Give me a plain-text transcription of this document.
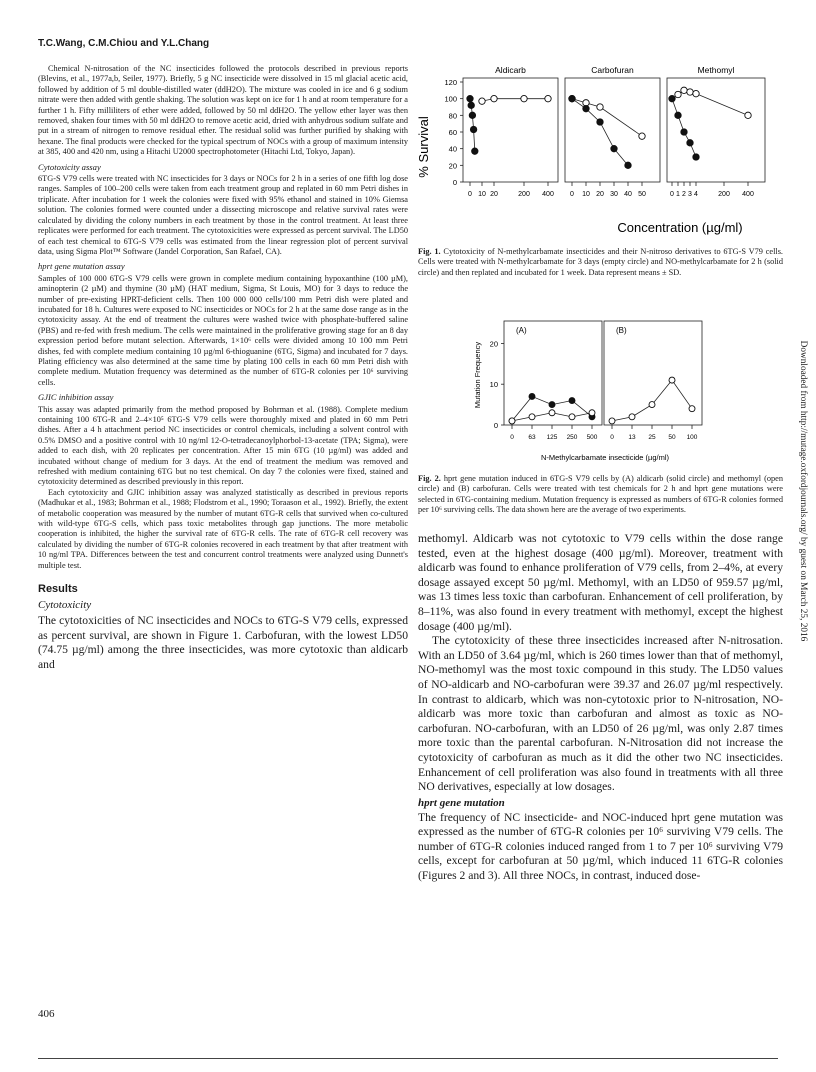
T.C.Wang, C.M.Chiou and Y.L.Chang

Chemical N-nitrosation of the NC insecticides followed the protocols described in previous reports (Blevins, et al., 1977a,b, Seiler, 1977). Briefly, 5 g NC insecticide were dissolved in 15 ml glacial acetic acid, followed by addition of 5 ml double-distilled water (ddH2O). The mixture was cooled in ice and 6 g sodium nitrate were then added with gentle shaking. The solution was kept on ice for 1 h and at room temperature for a further 1 h. Fifty milliliters of ether were added, followed by 50 ml ddH2O. The yellow ether layer was then removed, shaken four times with 50 ml ddH2O to remove acetic acid, dried with anhydrous sodium sulfate and put in a stream of nitrogen to remove residual ether. The residual solid was further purified by shaking with hexane. The final products were checked for the typical spectrum of NOCs with a group of maximum intensity at 385, 400 and 420 nm, using a Hitachi U2000 spectrophotometer (Hitachi Ltd, Tokyo, Japan).

Cytotoxicity assay

6TG-S V79 cells were treated with NC insecticides for 3 days or NOCs for 2 h in a series of one fifth log dose ranges. Samples of 100–200 cells were taken from each treatment group and replated in 60 mm Petri dishes in triplicate. After incubation for 1 week the colonies were fixed with 95% ethanol and stained in 10% Giemsa solution. The colonies formed were counted under a dissecting microscope and relative survival rates were calculated by dividing the colony numbers in each treatment by those in the control treatment. At least three replicates were performed for each treatment. The cytotoxicities were expressed as percent survival. The LD50 of each test chemical to 6TG-S V79 cells was estimated from the linear regression plot of percent survival data, using Sigma Plot™ Software (Jandel Corporation, San Rafael, CA).

hprt gene mutation assay

Samples of 100 000 6TG-S V79 cells were grown in complete medium containing hypoxanthine (100 µM), aminopterin (2 µM) and thymine (30 µM) (HAT medium, Sigma, St Louis, MO) for 3 days to reduce the number of pre-existing HPRT-deficient cells. Then 100 000 000 cells/100 mm Petri dish were plated and incubated for 18 h. Cultures were exposed to NC insecticides or NOCs for 2 h at the same dose range as in the cytotoxicity assay. At the end of treatment the cultures were washed twice with phosphate-buffered saline (PBS) and re-fed with fresh medium. The cells were maintained in the proliferative growing stage for an 8 day expression period before mutant selection. Afterwards, 1×10⁶ cells were divided among 10 100 mm Petri dishes, fed with complete medium containing 10 µg/ml 6-thioguanine (6TG, Sigma) and incubated for 7 days. Plating efficiency was also determined at the same time by plating 100 cells in each 60 mm Petri dish with complete medium. Mutation frequency was determined as the number of 6TG-R colonies per 10⁶ surviving cells.

GJIC inhibition assay

This assay was adapted primarily from the method proposed by Bohrman et al. (1988). Complete medium containing 100 6TG-R and 2–4×10⁵ 6TG-S V79 cells were thoroughly mixed and plated in 60 mm Petri dishes. After a 4 h attachment period NC insecticides or control chemicals, including a solvent control with 0.5% DMSO and a positive control with 10 ng/ml 12-O-tetradecanoylphorbol-13-acetate (TPA; Sigma), were added to each dish, with 20 replicates per concentration. After 15 min 6TG (10 µg/ml) was added and incubated without change of medium for 3 days. At the end of treatment the medium was removed and refreshed with medium containing 6TG but no test chemical. On day 7 the colonies were fixed, stained and cytotoxicity determined as described previously in this report.

Each cytotoxicity and GJIC inhibition assay was analyzed statistically as described in previous reports (Madhukar et al., 1983; Bohrman et al., 1988; Flodstrom et al., 1990; Toraason et al., 1992). Briefly, the extent of metabolic cooperation was measured by the number of mutant 6TG-R cells that survived when co-cultured with wild-type 6TG-S cells, which pass toxic metabolites through gap junctions. The more metabolic cooperation is inhibited, the higher the survival rate of 6TG-R cells. The rate of 6TG-R cell recovery was calculated by dividing the number of 6TG-R colonies recovered in each treatment by that after treatment with 10 ng/ml TPA. Differences between the test and concurrent control treatments were analyzed using Dunnett's multiple test.

Results
Cytotoxicity

The cytotoxicities of NC insecticides and NOCs to 6TG-S V79 cells, expressed as percent survival, are shown in Figure 1. Carbofuran, with the lowest LD50 (74.75 µg/ml) among the three insecticides, was more cytotoxic than aldicarb and

% Survival
120
100
80
60
40
20
0
Aldicarb
0 10 20	200 400
Carbofuran
0 10 20 30 40 50
Methomyl
0 1 2 3 4	200 400
Concentration (µg/ml)
Fig. 1. Cytotoxicity of N-methylcarbamate insecticides and their N-nitroso derivatives to 6TG-S V79 cells. Cells were treated with N-methylcarbamate for 3 days (empty circle) and NO-methylcarbamate for 2 h (solid circle) and then replated and incubated for 1 week. Data represent means ± SD.
Mutation Frequency 20
10
0
(A)
0 63 125 250 500
(B)
0 13 25 50 100
N-Methylcarbamate insecticide (µg/ml)
Fig. 2. hprt gene mutation induced in 6TG-S V79 cells by (A) aldicarb (solid circle) and methomyl (open circle) and (B) carbofuran. Cells were treated with test chemicals for 2 h and hprt gene mutations were selected in 6TG-containing medium. Mutation frequency is expressed as numbers of 6TG-R colonies formed per 10⁶ surviving cells. The data shown here are the average of two experiments.

methomyl. Aldicarb was not cytotoxic to V79 cells within the dose range tested, even at the highest dosage (400 µg/ml). Moreover, treatment with aldicarb was found to enhance proliferation of V79 cells, from 2–4%, at every dosage assayed except 50 µg/ml. Methomyl, with an LD50 of 959.57 µg/ml, was 13 times less toxic than carbofuran. Enhancement of cell proliferation, by 8–11%, was also found in every treatment with methomyl, except the highest dosage (400 µg/ml).

The cytotoxicity of these three insecticides increased after N-nitrosation. With an LD50 of 3.64 µg/ml, which is 260 times lower than that of methomyl, NO-methomyl was the most toxic compound in this study. The LD50 values of NO-aldicarb and NO-carbofuran were 39.37 and 26.07 µg/ml respectively. In contrast to aldicarb, which was non-cytotoxic prior to N-nitrosation, NO-aldicarb was more toxic than carbofuran and almost as toxic as NO-carbofuran. NO-carbofuran, with an LD50 of 26 µg/ml, was only 2.87 times more toxic than the parental carbofuran. N-Nitrosation did not increase the cytotoxicity of carbofuran as much as it did the other two NC insecticides. Enhancement of cell proliferation was also found in treatments with all three NO derivatives, especially at low dosages.

hprt gene mutation

The frequency of NC insecticide- and NOC-induced hprt gene mutation was expressed as the number of 6TG-R colonies per 10⁶ surviving V79 cells. The number of 6TG-R colonies induced ranged from 1 to 7 per 10⁶ surviving V79 cells, except for carbofuran at 50 µg/ml, which induced 11 6TG-R colonies (Figures 2 and 3). All three NOCs, in contrast, induced dose-

406
Downloaded from http://mutage.oxfordjournals.org/ by guest on March 25, 2016
